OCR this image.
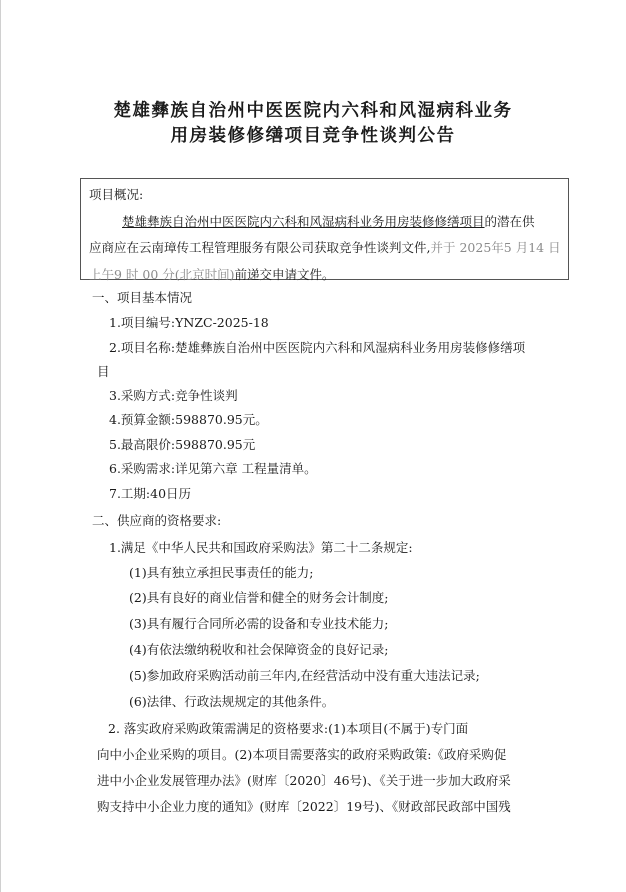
楚雄彝族自治州中医医院内六科和风湿病科业务
用房装修修缮项目竞争性谈判公告
项目概况:
楚雄彝族自治州中医医院内六科和风湿病科业务用房装修修缮项目的潜在供
应商应在云南璋传工程管理服务有限公司获取竞争性谈判文件,并于 2025年5 月14 日
上午9 时 00 分(北京时间)前递交申请文件。
一、项目基本情况
1.项目编号:YNZC-2025-18
2.项目名称:楚雄彝族自治州中医医院内六科和风湿病科业务用房装修修缮项
目
3.采购方式:竞争性谈判
4.预算金额:598870.95元。
5.最高限价:598870.95元
6.采购需求:详见第六章 工程量清单。
7.工期:40日历
二、供应商的资格要求:
1.满足《中华人民共和国政府采购法》第二十二条规定:
(1)具有独立承担民事责任的能力;
(2)具有良好的商业信誉和健全的财务会计制度;
(3)具有履行合同所必需的设备和专业技术能力;
(4)有依法缴纳税收和社会保障资金的良好记录;
(5)参加政府采购活动前三年内,在经营活动中没有重大违法记录;
(6)法律、行政法规规定的其他条件。
2. 落实政府采购政策需满足的资格要求:(1)本项目(不属于)专门面
向中小企业采购的项目。(2)本项目需要落实的政府采购政策:《政府采购促
进中小企业发展管理办法》(财库〔2020〕46号)、《关于进一步加大政府采
购支持中小企业力度的通知》(财库〔2022〕19号)、《财政部民政部中国残
